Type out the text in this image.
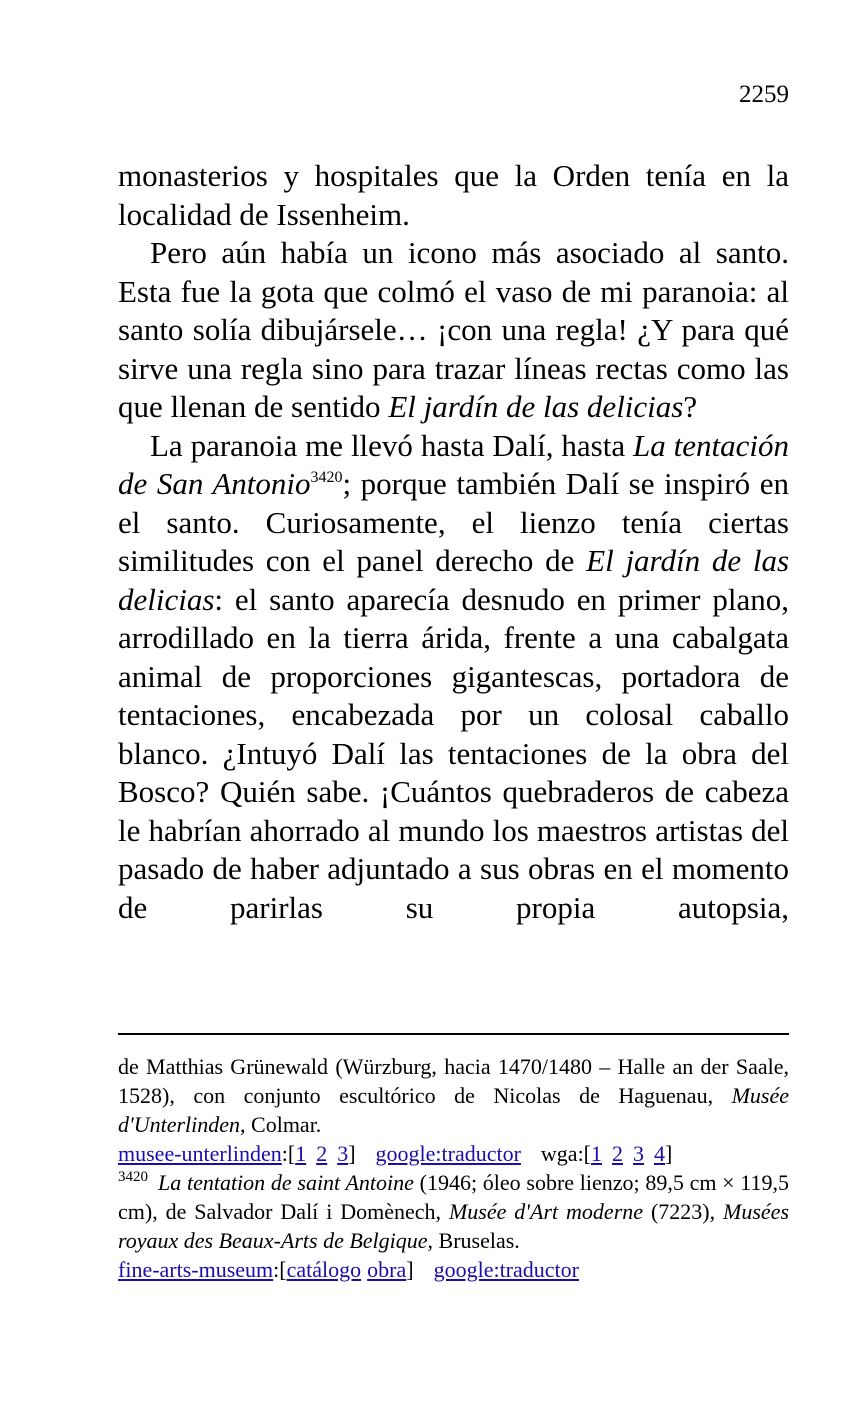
2259

monasterios y hospitales que la Orden tenía en la localidad de Issenheim.

Pero aún había un icono más asociado al santo. Esta fue la gota que colmó el vaso de mi paranoia: al santo solía dibujársele… ¡con una regla! ¿Y para qué sirve una regla sino para trazar líneas rectas como las que llenan de sentido El jardín de las delicias?

La paranoia me llevó hasta Dalí, hasta La tentación de San Antonio$^{3420}$; porque también Dalí se inspiró en el santo. Curiosamente, el lienzo tenía ciertas similitudes con el panel derecho de El jardín de las delicias: el santo aparecía desnudo en primer plano, arrodillado en la tierra árida, frente a una cabalgata animal de proporciones gigantescas, portadora de tentaciones, encabezada por un colosal caballo blanco. ¿Intuyó Dalí las tentaciones de la obra del Bosco? Quién sabe. ¡Cuántos quebraderos de cabeza le habrían ahorrado al mundo los maestros artistas del pasado de haber adjuntado a sus obras en el momento de parirlas su propia autopsia,

de Matthias Grünewald (Würzburg, hacia 1470/1480 – Halle an der Saale, 1528), con conjunto escultórico de Nicolas de Haguenau, Musée d'Unterlinden, Colmar.

musee-unterlinden:[1 2 3] google:traductor wga:[1 2 3 4]

$^{3420}$ La tentation de saint Antoine (1946; óleo sobre lienzo; 89,5 cm × 119,5 cm), de Salvador Dalí i Domènech, Musée d'Art moderne (7223), Musées royaux des Beaux-Arts de Belgique, Bruselas.

fine-arts-museum:[catálogo obra] google:traductor
